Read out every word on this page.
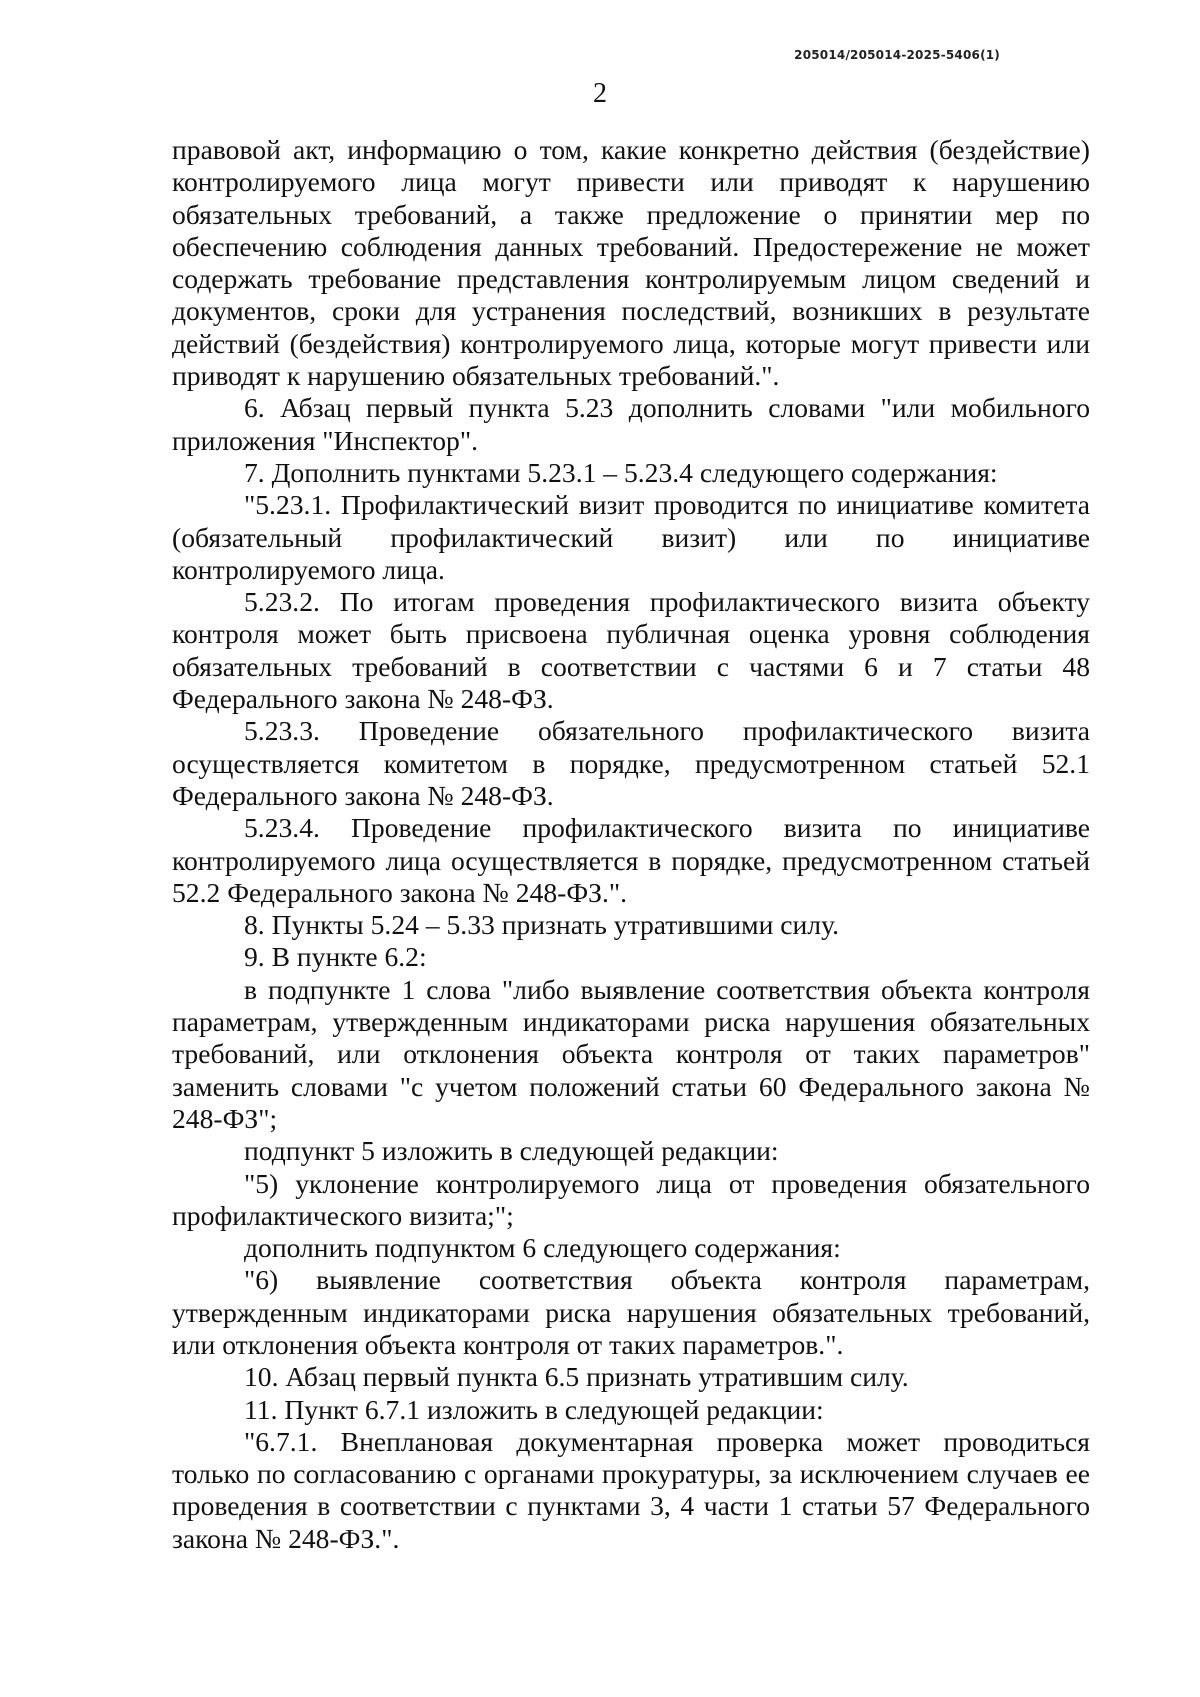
205014/205014-2025-5406(1)
2

правовой акт, информацию о том, какие конкретно действия (бездействие) контролируемого лица могут привести или приводят к нарушению обязательных требований, а также предложение о принятии мер по обеспечению соблюдения данных требований. Предостережение не может содержать требование представления контролируемым лицом сведений и документов, сроки для устранения последствий, возникших в результате действий (бездействия) контролируемого лица, которые могут привести или приводят к нарушению обязательных требований.".

6. Абзац первый пункта 5.23 дополнить словами "или мобильного приложения "Инспектор".

7. Дополнить пунктами 5.23.1 – 5.23.4 следующего содержания:

"5.23.1. Профилактический визит проводится по инициативе комитета (обязательный профилактический визит) или по инициативе контролируемого лица.

5.23.2. По итогам проведения профилактического визита объекту контроля может быть присвоена публичная оценка уровня соблюдения обязательных требований в соответствии с частями 6 и 7 статьи 48 Федерального закона № 248-ФЗ.

5.23.3. Проведение обязательного профилактического визита осуществляется комитетом в порядке, предусмотренном статьей 52.1 Федерального закона № 248-ФЗ.

5.23.4. Проведение профилактического визита по инициативе контролируемого лица осуществляется в порядке, предусмотренном статьей 52.2 Федерального закона № 248-ФЗ.".

8. Пункты 5.24 – 5.33 признать утратившими силу.

9. В пункте 6.2:

в подпункте 1 слова "либо выявление соответствия объекта контроля параметрам, утвержденным индикаторами риска нарушения обязательных требований, или отклонения объекта контроля от таких параметров" заменить словами "с учетом положений статьи 60 Федерального закона № 248-ФЗ";

подпункт 5 изложить в следующей редакции:

"5) уклонение контролируемого лица от проведения обязательного профилактического визита;";

дополнить подпунктом 6 следующего содержания:

"6) выявление соответствия объекта контроля параметрам, утвержденным индикаторами риска нарушения обязательных требований, или отклонения объекта контроля от таких параметров.".

10. Абзац первый пункта 6.5 признать утратившим силу.

11. Пункт 6.7.1 изложить в следующей редакции:

"6.7.1. Внеплановая документарная проверка может проводиться только по согласованию с органами прокуратуры, за исключением случаев ее проведения в соответствии с пунктами 3, 4 части 1 статьи 57 Федерального закона № 248-ФЗ.".
